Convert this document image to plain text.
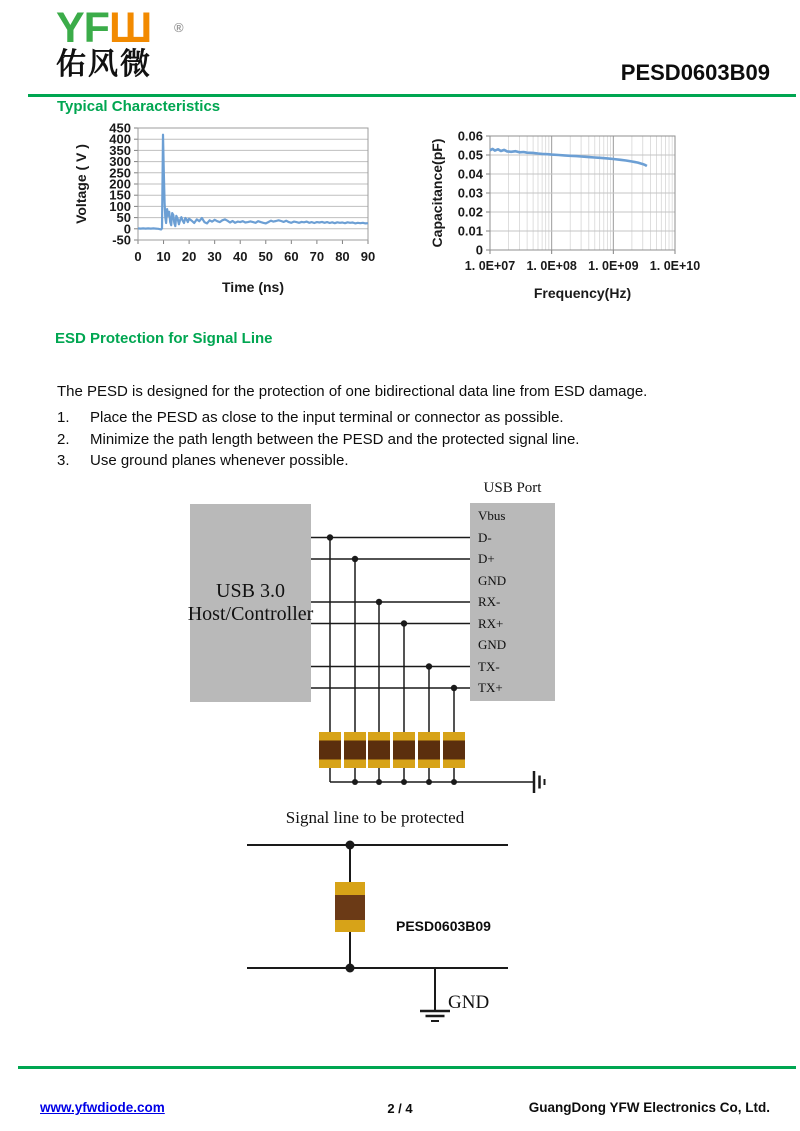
YFШ ®
佑风微	PESD0603B09
Typical Characteristics
450
400
350
300
250
200
150
100
50
0
-50
0 10 20 30 40 50 60 70 80 90
Voltage ( V )
Time (ns)
0.06
0.05
0.04
0.03
0.02
0.01
0
1. 0E+07 1. 0E+08 1. 0E+09 1. 0E+10
Capacitance(pF)
Frequency(Hz)
ESD Protection for Signal Line

The PESD is designed for the protection of one bidirectional data line from ESD damage.

1.	Place the PESD as close to the input terminal or connector as possible.
2.	Minimize the path length between the PESD and the protected signal line.
3.	Use ground planes whenever possible.
USB 3.0
Host/Controller
USB Port
Vbus
D-
D+
GND
RX-
RX+
GND
TX-
TX+
Signal line to be protected
PESD0603B09
GND
www.yfwdiode.com	2 / 4	GuangDong YFW Electronics Co, Ltd.
